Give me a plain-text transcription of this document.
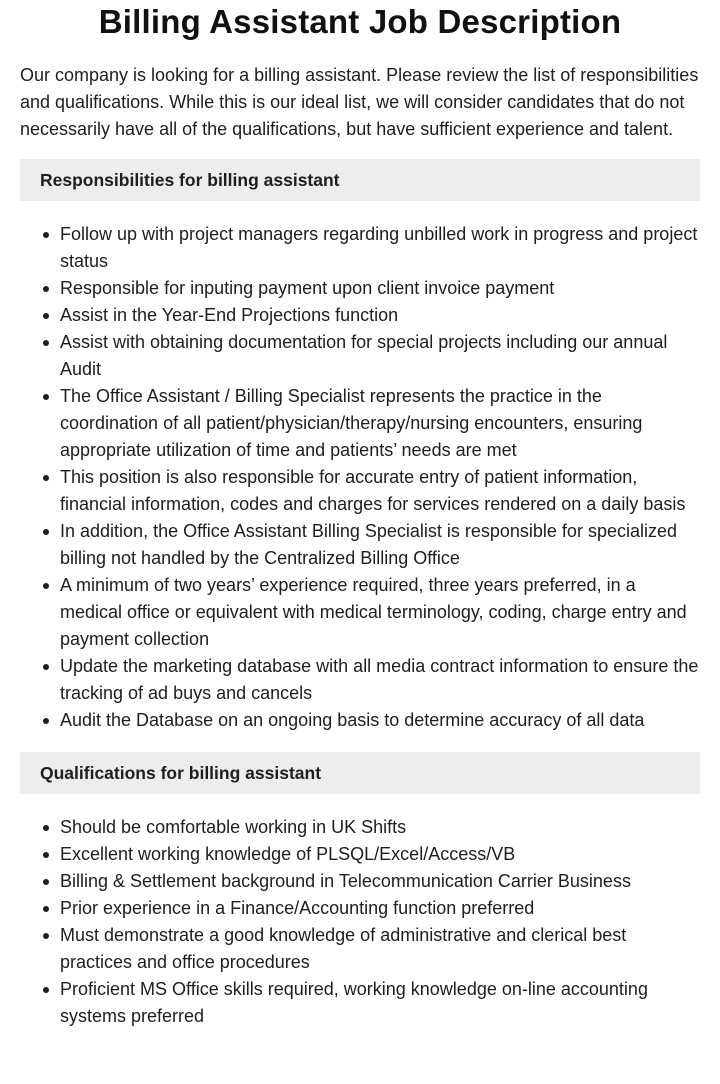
Billing Assistant Job Description

Our company is looking for a billing assistant. Please review the list of responsibilities and qualifications. While this is our ideal list, we will consider candidates that do not necessarily have all of the qualifications, but have sufficient experience and talent.

Responsibilities for billing assistant
Follow up with project managers regarding unbilled work in progress and project status
Responsible for inputing payment upon client invoice payment
Assist in the Year-End Projections function
Assist with obtaining documentation for special projects including our annual Audit
The Office Assistant / Billing Specialist represents the practice in the coordination of all patient/physician/therapy/nursing encounters, ensuring appropriate utilization of time and patients’ needs are met
This position is also responsible for accurate entry of patient information, financial information, codes and charges for services rendered on a daily basis
In addition, the Office Assistant Billing Specialist is responsible for specialized billing not handled by the Centralized Billing Office
A minimum of two years’ experience required, three years preferred, in a medical office or equivalent with medical terminology, coding, charge entry and payment collection
Update the marketing database with all media contract information to ensure the tracking of ad buys and cancels
Audit the Database on an ongoing basis to determine accuracy of all data
Qualifications for billing assistant
Should be comfortable working in UK Shifts
Excellent working knowledge of PLSQL/Excel/Access/VB
Billing & Settlement background in Telecommunication Carrier Business
Prior experience in a Finance/Accounting function preferred
Must demonstrate a good knowledge of administrative and clerical best practices and office procedures
Proficient MS Office skills required, working knowledge on-line accounting systems preferred
